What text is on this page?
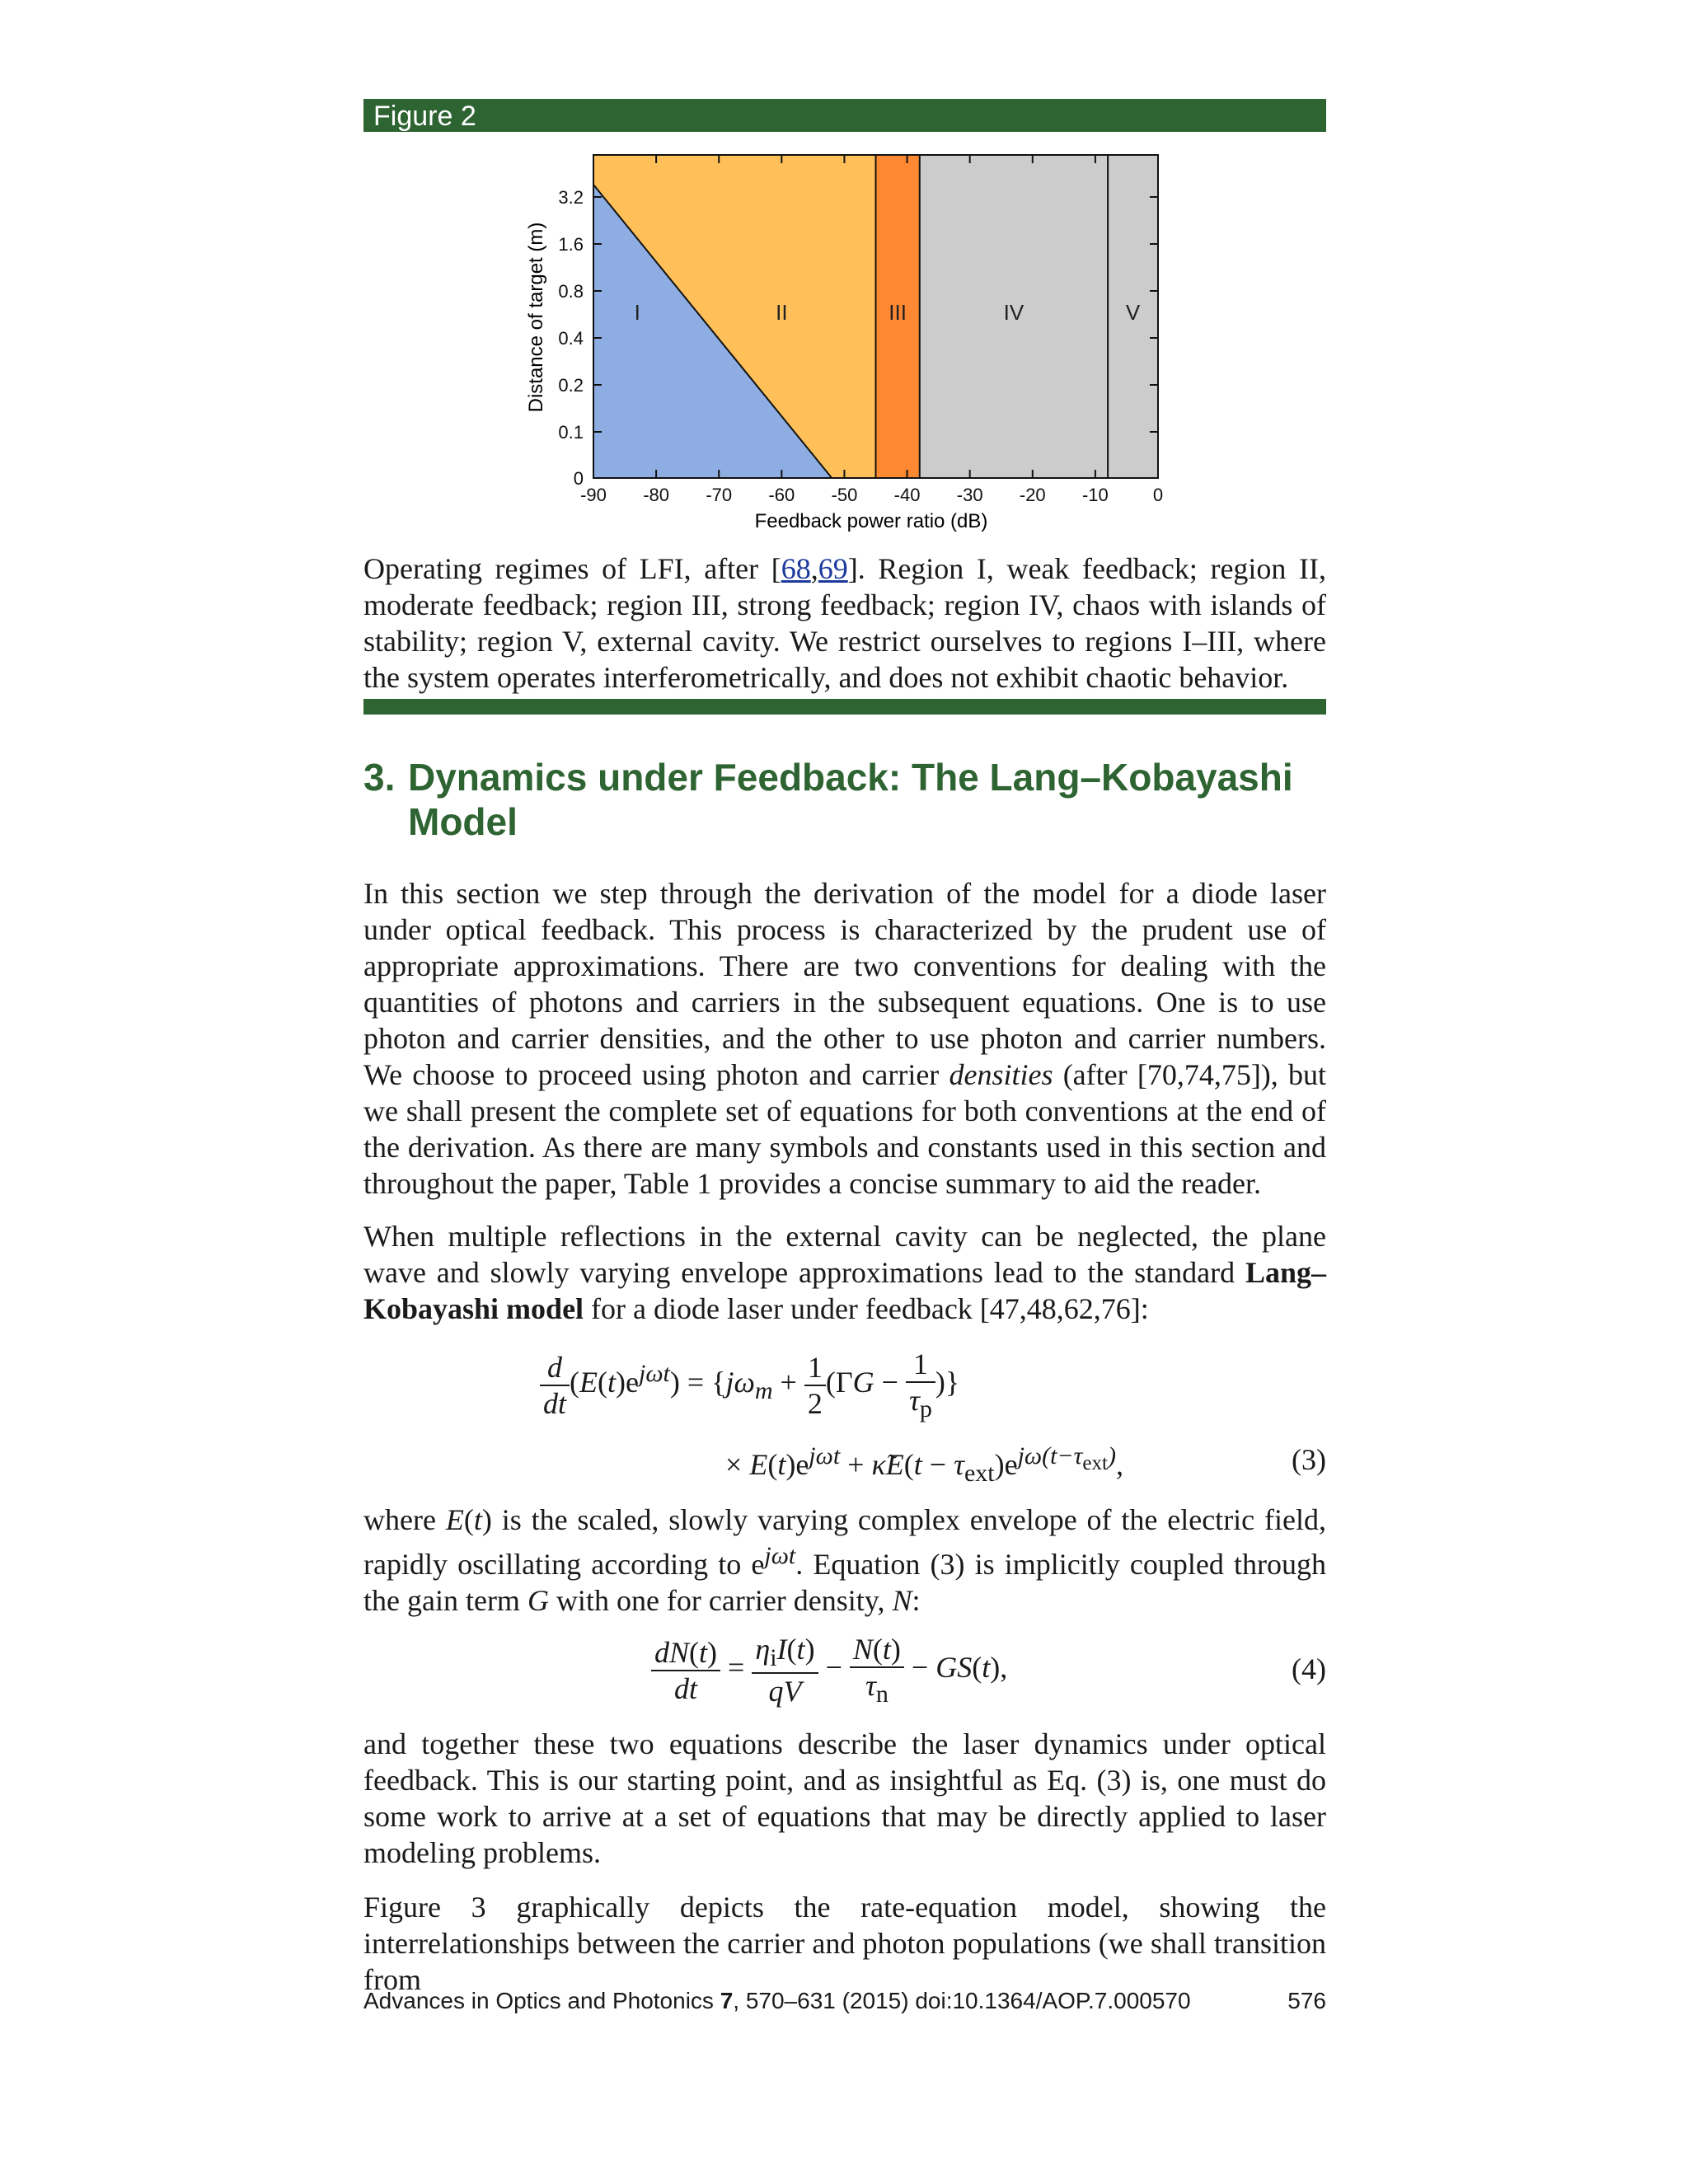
Figure 2
I	II	III	IV	V
-90 -80 -70 -60 -50 -40 -30 -20 -10 0
0
0.1
0.2
0.4
0.8
1.6
3.2
Feedback power ratio (dB)
Distance of target (m)

Operating regimes of LFI, after [68,69]. Region I, weak feedback; region II, moderate feedback; region III, strong feedback; region IV, chaos with islands of stability; region V, external cavity. We restrict ourselves to regions I–III, where the system operates interferometrically, and does not exhibit chaotic behavior.

3. Dynamics under Feedback: The Lang–Kobayashi
Model

In this section we step through the derivation of the model for a diode laser under optical feedback. This process is characterized by the prudent use of appropriate approximations. There are two conventions for dealing with the quantities of photons and carriers in the subsequent equations. One is to use photon and carrier densities, and the other to use photon and carrier numbers. We choose to proceed using photon and carrier densities (after [70,74,75]), but we shall present the complete set of equations for both conventions at the end of the derivation. As there are many symbols and constants used in this section and throughout the paper, Table 1 provides a concise summary to aid the reader.

When multiple reflections in the external cavity can be neglected, the plane wave and slowly varying envelope approximations lead to the standard Lang–Kobayashi model for a diode laser under feedback [47,48,62,76]:

$\frac{d}{dt} (E(t)e^{j\omega t}) = \{j\omega_m + \frac{1}{2} (\Gamma G - \frac{1}{\tau_p}$ )}
× $E(t)e^{j\omega t}$ + κ̃E(t − $\tau_{ext})e^{j\omega(t-\tau_{ext})}$,	(3)

where E(t) is the scaled, slowly varying complex envelope of the electric field, rapidly oscillating according to $e^{j\omega t}$. Equation (3) is implicitly coupled through the gain term G with one for carrier density, N:

$\frac{dN(t)}{dt} = \frac{\eta_iI(t)}{qV} - \frac{N(t)}{\tau_n} - GS(t)$,	(4)

and together these two equations describe the laser dynamics under optical feedback. This is our starting point, and as insightful as Eq. (3) is, one must do some work to arrive at a set of equations that may be directly applied to laser modeling problems.

Figure 3 graphically depicts the rate-equation model, showing the interrelationships between the carrier and photon populations (we shall transition from

Advances in Optics and Photonics 7, 570–631 (2015) doi:10.1364/AOP.7.000570	576
